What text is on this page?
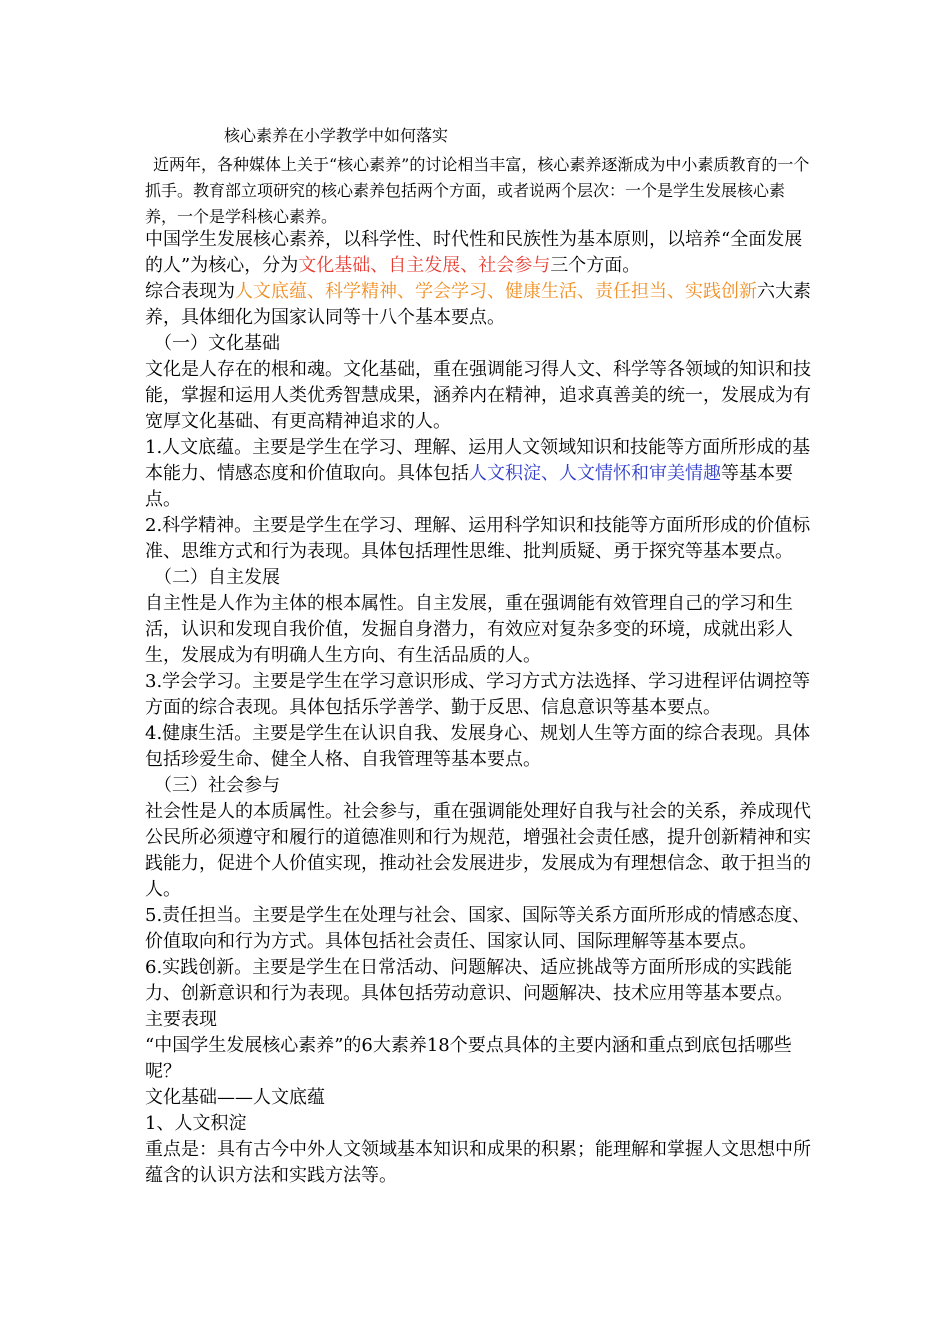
核心素养在小学教学中如何落实

近两年，各种媒体上关于“核心素养”的讨论相当丰富，核心素养逐渐成为中小素质教育的一个抓手。教育部立项研究的核心素养包括两个方面，或者说两个层次：一个是学生发展核心素养，一个是学科核心素养。

中国学生发展核心素养，以科学性、时代性和民族性为基本原则，以培养“全面发展的人”为核心，分为文化基础、自主发展、社会参与三个方面。

综合表现为人文底蕴、科学精神、学会学习、健康生活、责任担当、实践创新六大素养，具体细化为国家认同等十八个基本要点。

（一）文化基础

文化是人存在的根和魂。文化基础，重在强调能习得人文、科学等各领域的知识和技能，掌握和运用人类优秀智慧成果，涵养内在精神，追求真善美的统一，发展成为有宽厚文化基础、有更高精神追求的人。

1.人文底蕴。主要是学生在学习、理解、运用人文领域知识和技能等方面所形成的基本能力、情感态度和价值取向。具体包括人文积淀、人文情怀和审美情趣等基本要点。

2.科学精神。主要是学生在学习、理解、运用科学知识和技能等方面所形成的价值标准、思维方式和行为表现。具体包括理性思维、批判质疑、勇于探究等基本要点。

（二）自主发展

自主性是人作为主体的根本属性。自主发展，重在强调能有效管理自己的学习和生活，认识和发现自我价值，发掘自身潜力，有效应对复杂多变的环境，成就出彩人生，发展成为有明确人生方向、有生活品质的人。

3.学会学习。主要是学生在学习意识形成、学习方式方法选择、学习进程评估调控等方面的综合表现。具体包括乐学善学、勤于反思、信息意识等基本要点。

4.健康生活。主要是学生在认识自我、发展身心、规划人生等方面的综合表现。具体包括珍爱生命、健全人格、自我管理等基本要点。

（三）社会参与

社会性是人的本质属性。社会参与，重在强调能处理好自我与社会的关系，养成现代公民所必须遵守和履行的道德准则和行为规范，增强社会责任感，提升创新精神和实践能力，促进个人价值实现，推动社会发展进步，发展成为有理想信念、敢于担当的人。

5.责任担当。主要是学生在处理与社会、国家、国际等关系方面所形成的情感态度、价值取向和行为方式。具体包括社会责任、国家认同、国际理解等基本要点。

6.实践创新。主要是学生在日常活动、问题解决、适应挑战等方面所形成的实践能力、创新意识和行为表现。具体包括劳动意识、问题解决、技术应用等基本要点。

主要表现

“中国学生发展核心素养”的6大素养18个要点具体的主要内涵和重点到底包括哪些呢？

文化基础——人文底蕴

1、人文积淀

重点是：具有古今中外人文领域基本知识和成果的积累；能理解和掌握人文思想中所蕴含的认识方法和实践方法等。
